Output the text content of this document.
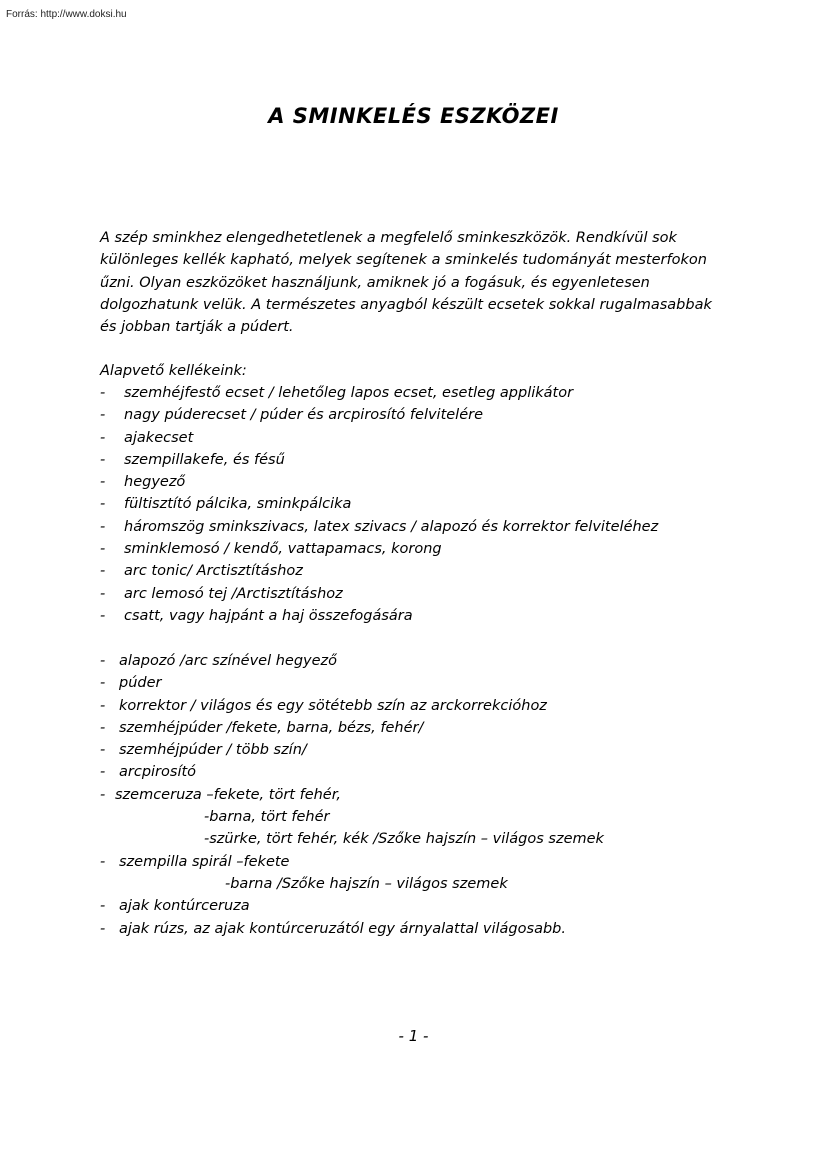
Forrás: http://www.doksi.hu
A SMINKELÉS ESZKÖZEI
A szép sminkhez elengedhetetlenek a megfelelő sminkeszközök. Rendkívül sok
különleges kellék kapható, melyek segítenek a sminkelés tudományát mesterfokon
űzni. Olyan eszközöket használjunk, amiknek jó a fogásuk, és egyenletesen
dolgozhatunk velük. A természetes anyagból készült ecsetek sokkal rugalmasabbak
és jobban tartják a púdert.
Alapvető kellékeink:
- szemhéjfestő ecset / lehetőleg lapos ecset, esetleg applikátor
- nagy púderecset / púder és arcpirosító felvitelére
- ajakecset
- szempillakefe, és fésű
- hegyező
- fültisztító pálcika, sminkpálcika
- háromszög sminkszivacs, latex szivacs / alapozó és korrektor felviteléhez
- sminklemosó / kendő, vattapamacs, korong
- arc tonic/ Arctisztításhoz
- arc lemosó tej /Arctisztításhoz
- csatt, vagy hajpánt a haj összefogására
- alapozó /arc színével hegyező
- púder
- korrektor / világos és egy sötétebb szín az arckorrekcióhoz
- szemhéjpúder /fekete, barna, bézs, fehér/
- szemhéjpúder / több szín/
- arcpirosító
- szemceruza –fekete, tört fehér,
-barna, tört fehér
-szürke, tört fehér, kék /Szőke hajszín – világos szemek
- szempilla spirál –fekete
-barna /Szőke hajszín – világos szemek
- ajak kontúrceruza
- ajak rúzs, az ajak kontúrceruzától egy árnyalattal világosabb.
- 1 -
